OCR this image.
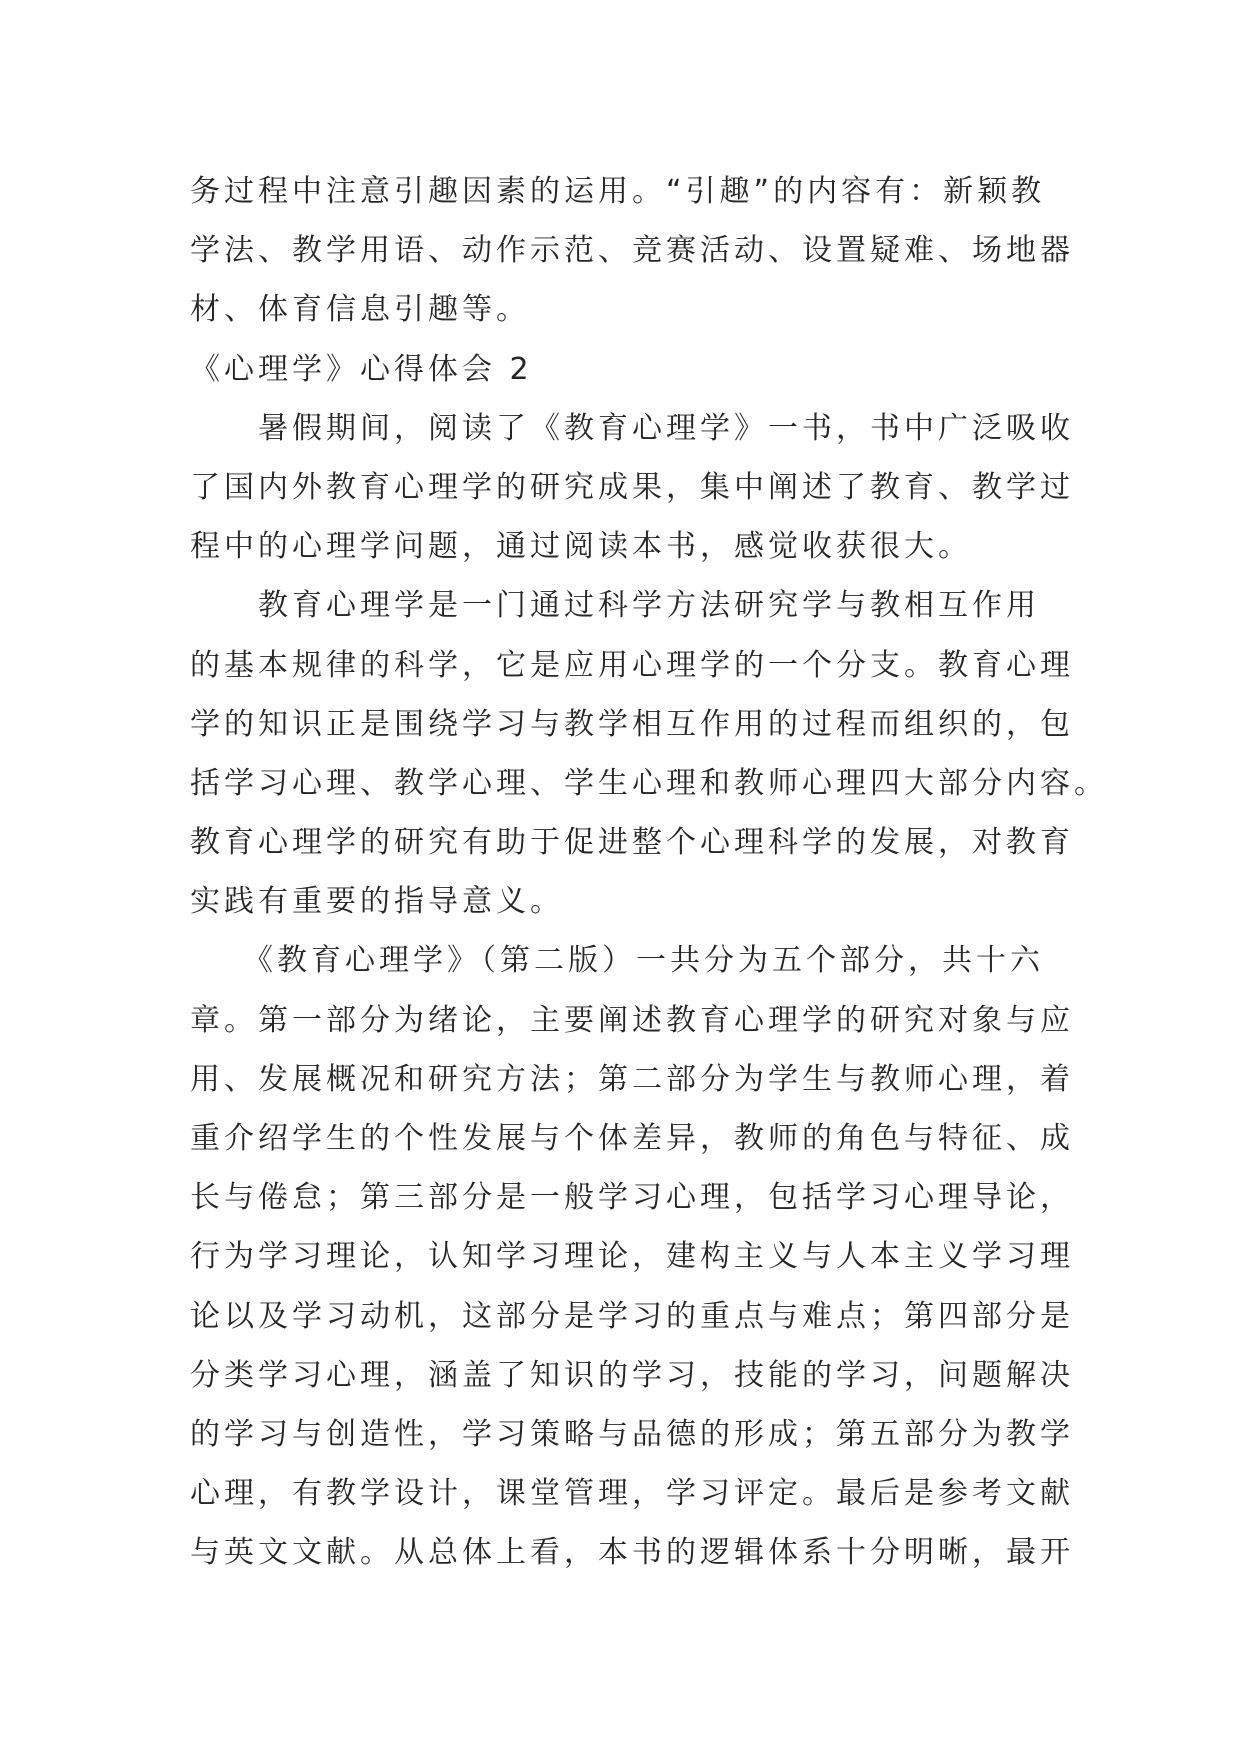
务过程中注意引趣因素的运用。“引趣”的内容有：新颖教
学法、教学用语、动作示范、竞赛活动、设置疑难、场地器
材、体育信息引趣等。
《心理学》心得体会 2
　　暑假期间，阅读了《教育心理学》一书，书中广泛吸收
了国内外教育心理学的研究成果，集中阐述了教育、教学过
程中的心理学问题，通过阅读本书，感觉收获很大。
　　教育心理学是一门通过科学方法研究学与教相互作用
的基本规律的科学，它是应用心理学的一个分支。教育心理
学的知识正是围绕学习与教学相互作用的过程而组织的，包
括学习心理、教学心理、学生心理和教师心理四大部分内容。
教育心理学的研究有助于促进整个心理科学的发展，对教育
实践有重要的指导意义。
　　《教育心理学》（第二版）一共分为五个部分，共十六
章。第一部分为绪论，主要阐述教育心理学的研究对象与应
用、发展概况和研究方法；第二部分为学生与教师心理，着
重介绍学生的个性发展与个体差异，教师的角色与特征、成
长与倦怠；第三部分是一般学习心理，包括学习心理导论，
行为学习理论，认知学习理论，建构主义与人本主义学习理
论以及学习动机，这部分是学习的重点与难点；第四部分是
分类学习心理，涵盖了知识的学习，技能的学习，问题解决
的学习与创造性，学习策略与品德的形成；第五部分为教学
心理，有教学设计，课堂管理，学习评定。最后是参考文献
与英文文献。从总体上看，本书的逻辑体系十分明晰，最开
